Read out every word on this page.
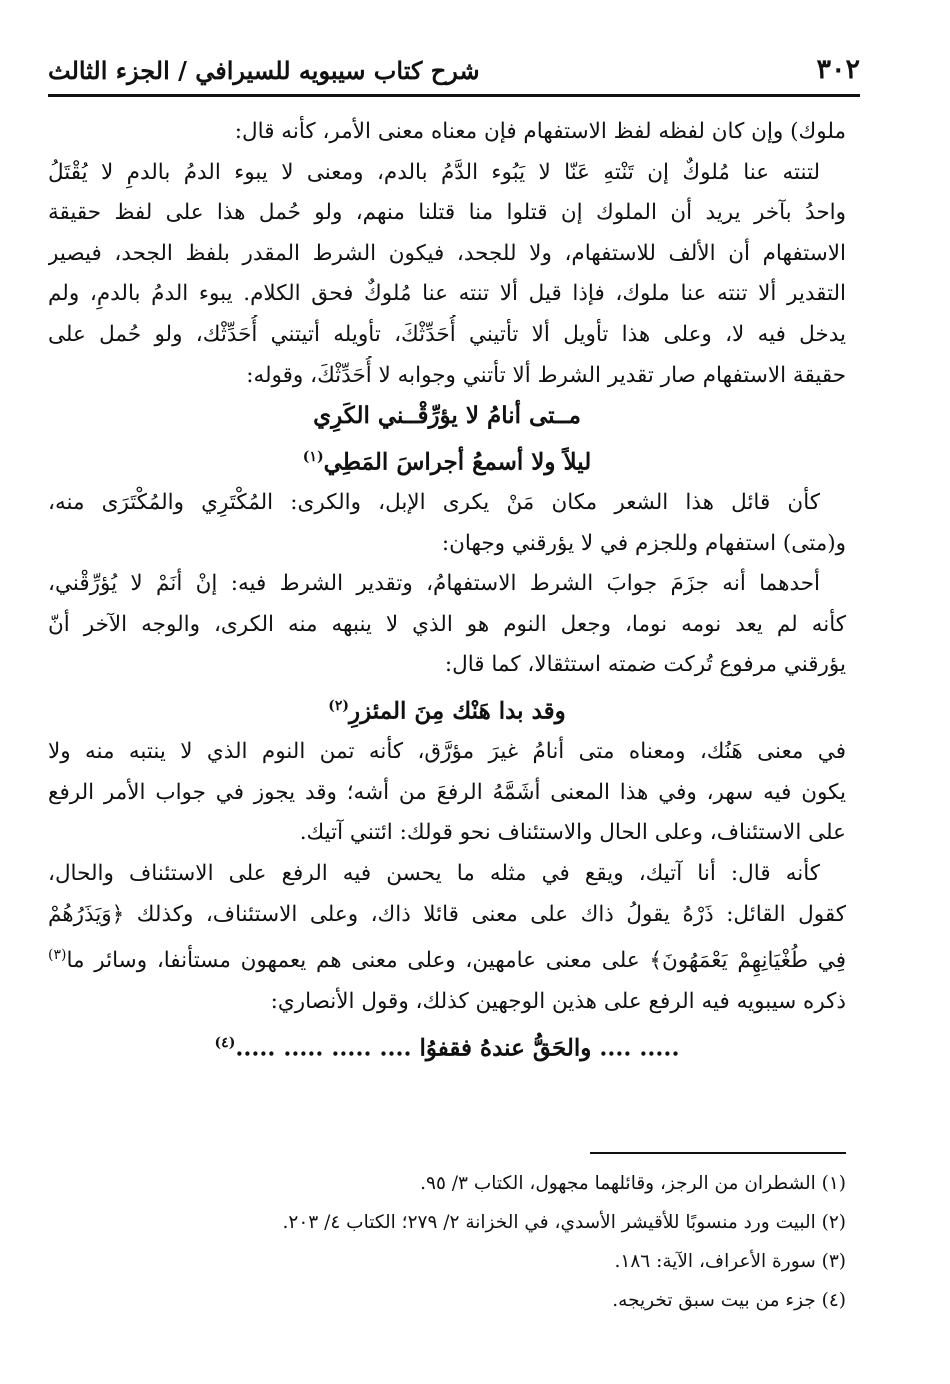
٣٠٢
شرح كتاب سيبويه للسيرافي / الجزء الثالث
ملوك) وإن كان لفظه لفظ الاستفهام فإن معناه معنى الأمر، كأنه قال:
لتنته عنا مُلوكٌ إن تَنْتهِ عَنّا لا يَبُوء الدَّمُ بالدم، ومعنى لا يبوء الدمُ بالدمِ لا يُقْتَلُ
واحدُ بآخر يريد أن الملوك إن قتلوا منا قتلنا منهم، ولو حُمل هذا على لفظ حقيقة
الاستفهام أن الألف للاستفهام، ولا للجحد، فيكون الشرط المقدر بلفظ الجحد، فيصير
التقدير ألا تنته عنا ملوك، فإذا قيل ألا تنته عنا مُلوكٌ فحق الكلام. يبوء الدمُ بالدمِ، ولم
يدخل فيه لا، وعلى هذا تأويل ألا تأتيني أُحَدِّثْكَ، تأويله أتيتني أُحَدِّثْك، ولو حُمل على
حقيقة الاستفهام صار تقدير الشرط ألا تأتني وجوابه لا أُحَدِّثْكَ، وقوله:
مــتى أنامُ لا يؤرِّقْــني الكَرِي
ليلاً ولا أسمعُ أجراسَ المَطِي$^{(١)}$
كأن قائل هذا الشعر مكان مَنْ يكرى الإبل، والكرى: المُكْتَرِي والمُكْتَرَى منه،
و(متى) استفهام وللجزم في لا يؤرقني وجهان:
أحدهما أنه جزَمَ جوابَ الشرط الاستفهامُ، وتقدير الشرط فيه: إنْ أنَمْ لا يُؤرِّقْني،
كأنه لم يعد نومه نوما، وجعل النوم هو الذي لا ينبهه منه الكرى، والوجه الآخر أنّ
يؤرقني مرفوع تُركت ضمته استثقالا، كما قال:
وقد بدا هَنْك مِنَ المئزرِ$^{(٢)}$
في معنى هَنُك، ومعناه متى أنامُ غيرَ مؤرَّق، كأنه تمن النوم الذي لا ينتبه منه ولا
يكون فيه سهر، وفي هذا المعنى أشَمَّهُ الرفعَ من أشه؛ وقد يجوز في جواب الأمر الرفع
على الاستئناف، وعلى الحال والاستئناف نحو قولك: ائتني آتيك.
كأنه قال: أنا آتيك، ويقع في مثله ما يحسن فيه الرفع على الاستئناف والحال،
كقول القائل: ذَرْهُ يقولُ ذاك على معنى قائلا ذاك، وعلى الاستئناف، وكذلك ﴿وَيَذَرُهُمْ
فِي طُغْيَانِهِمْ يَعْمَهُونَ﴾ على معنى عامهين، وعلى معنى هم يعمهون مستأنفا، وسائر ما$^{(٣)}$
ذكره سيبويه فيه الرفع على هذين الوجهين كذلك، وقول الأنصاري:
..... .... والحَقُّ عندهُ فقفوُا .... ..... ..... .....$^{(٤)}$
(١) الشطران من الرجز، وقائلهما مجهول، الكتاب ٣/ ٩٥.
(٢) البيت ورد منسوبًا للأقيشر الأسدي، في الخزانة ٢/ ٢٧٩؛ الكتاب ٤/ ٢٠٣.
(٣) سورة الأعراف، الآية: ١٨٦.
(٤) جزء من بيت سبق تخريجه.
